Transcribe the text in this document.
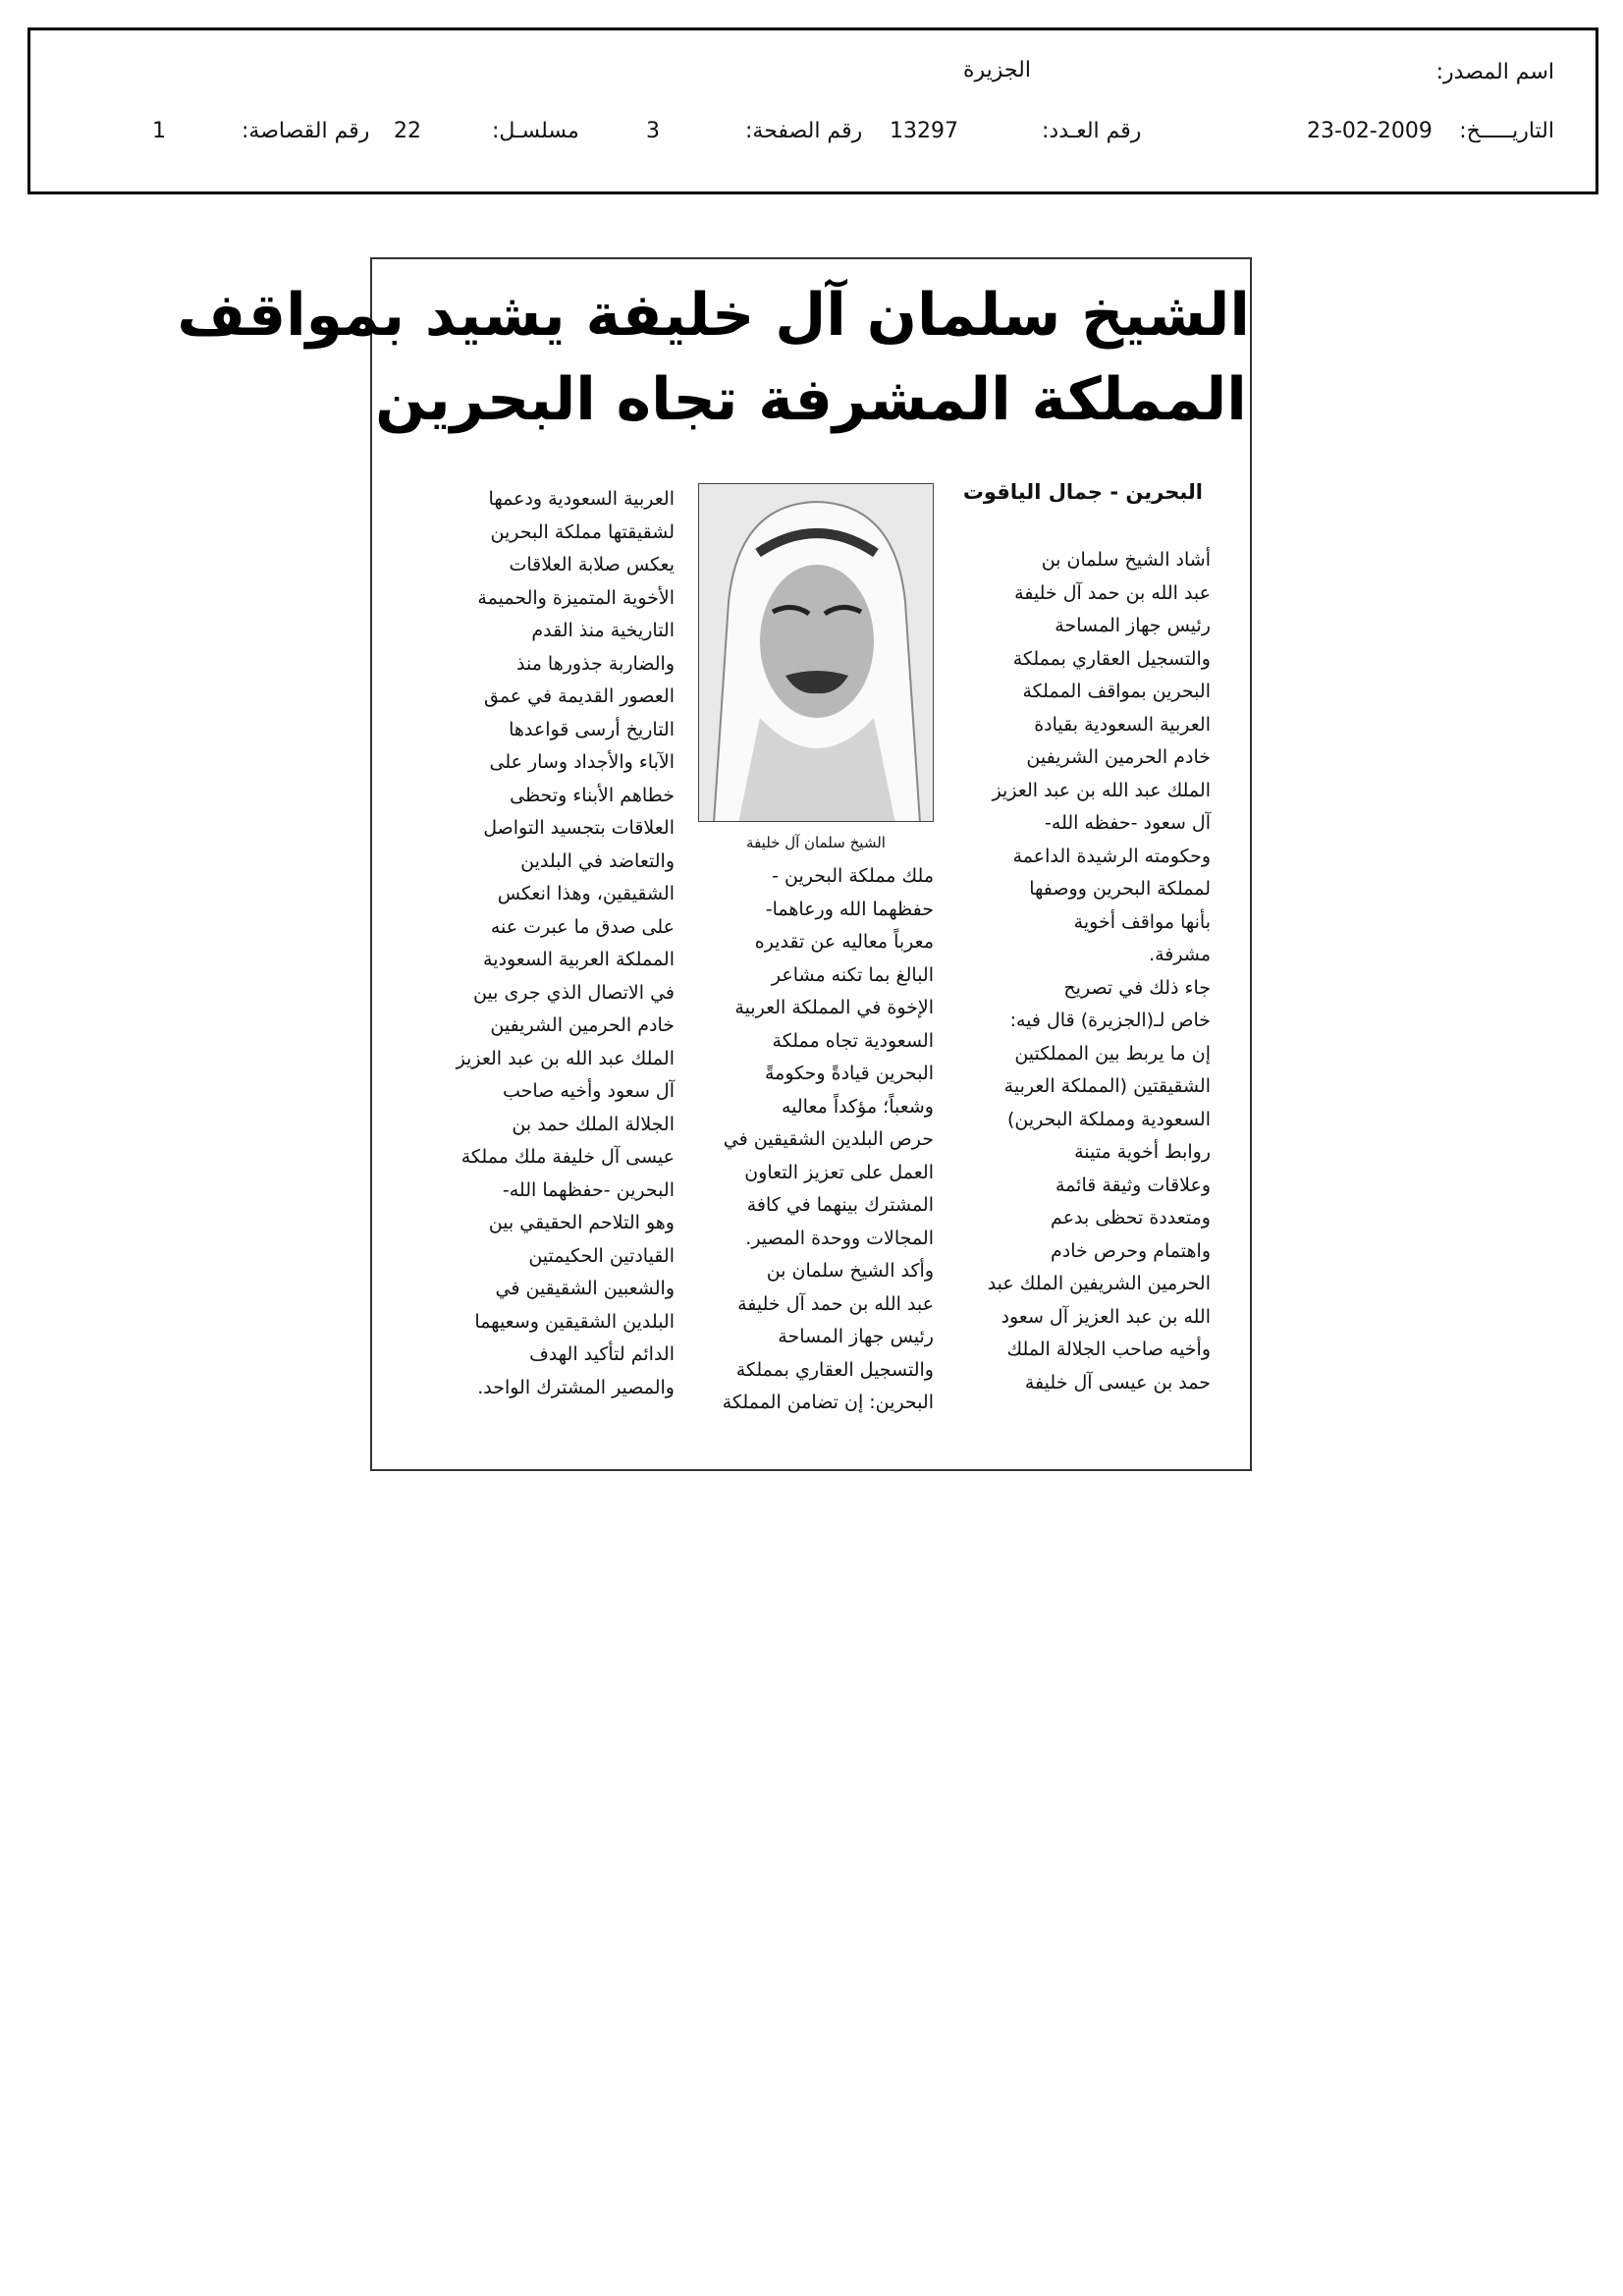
اسم المصدر:
الجزيرة
التاريـــــخ:
23-02-2009
رقم العـدد:
13297
رقم الصفحة:
3
مسلسـل:
22
رقم القصاصة:
1
الشيخ سلمان آل خليفة يشيد بمواقف
المملكة المشرفة تجاه البحرين
البحرين - جمال الياقوت
الشيخ سلمان آل خليفة
أشاد الشيخ سلمان بن
عبد الله بن حمد آل خليفة
رئيس جهاز المساحة
والتسجيل العقاري بمملكة
البحرين بمواقف المملكة
العربية السعودية بقيادة
خادم الحرمين الشريفين
الملك عبد الله بن عبد العزيز
آل سعود -حفظه الله-
وحكومته الرشيدة الداعمة
لمملكة البحرين ووصفها
بأنها مواقف أخوية
مشرفة.
جاء ذلك في تصريح
خاص لـ(الجزيرة) قال فيه:
إن ما يربط بين المملكتين
الشقيقتين (المملكة العربية
السعودية ومملكة البحرين)
روابط أخوية متينة
وعلاقات وثيقة قائمة
ومتعددة تحظى بدعم
واهتمام وحرص خادم
الحرمين الشريفين الملك عبد
الله بن عبد العزيز آل سعود
وأخيه صاحب الجلالة الملك
حمد بن عيسى آل خليفة
ملك مملكة البحرين -
حفظهما الله ورعاهما-
معرباً معاليه عن تقديره
البالغ بما تكنه مشاعر
الإخوة في المملكة العربية
السعودية تجاه مملكة
البحرين قيادةً وحكومةً
وشعباً؛ مؤكداً معاليه
حرص البلدين الشقيقين في
العمل على تعزيز التعاون
المشترك بينهما في كافة
المجالات ووحدة المصير.
وأكد الشيخ سلمان بن
عبد الله بن حمد آل خليفة
رئيس جهاز المساحة
والتسجيل العقاري بمملكة
البحرين: إن تضامن المملكة
العربية السعودية ودعمها
لشقيقتها مملكة البحرين
يعكس صلابة العلاقات
الأخوية المتميزة والحميمة
التاريخية منذ القدم
والضاربة جذورها منذ
العصور القديمة في عمق
التاريخ أرسى قواعدها
الآباء والأجداد وسار على
خطاهم الأبناء وتحظى
العلاقات بتجسيد التواصل
والتعاضد في البلدين
الشقيقين، وهذا انعكس
على صدق ما عبرت عنه
المملكة العربية السعودية
في الاتصال الذي جرى بين
خادم الحرمين الشريفين
الملك عبد الله بن عبد العزيز
آل سعود وأخيه صاحب
الجلالة الملك حمد بن
عيسى آل خليفة ملك مملكة
البحرين -حفظهما الله-
وهو التلاحم الحقيقي بين
القيادتين الحكيمتين
والشعبين الشقيقين في
البلدين الشقيقين وسعيهما
الدائم لتأكيد الهدف
والمصير المشترك الواحد.
